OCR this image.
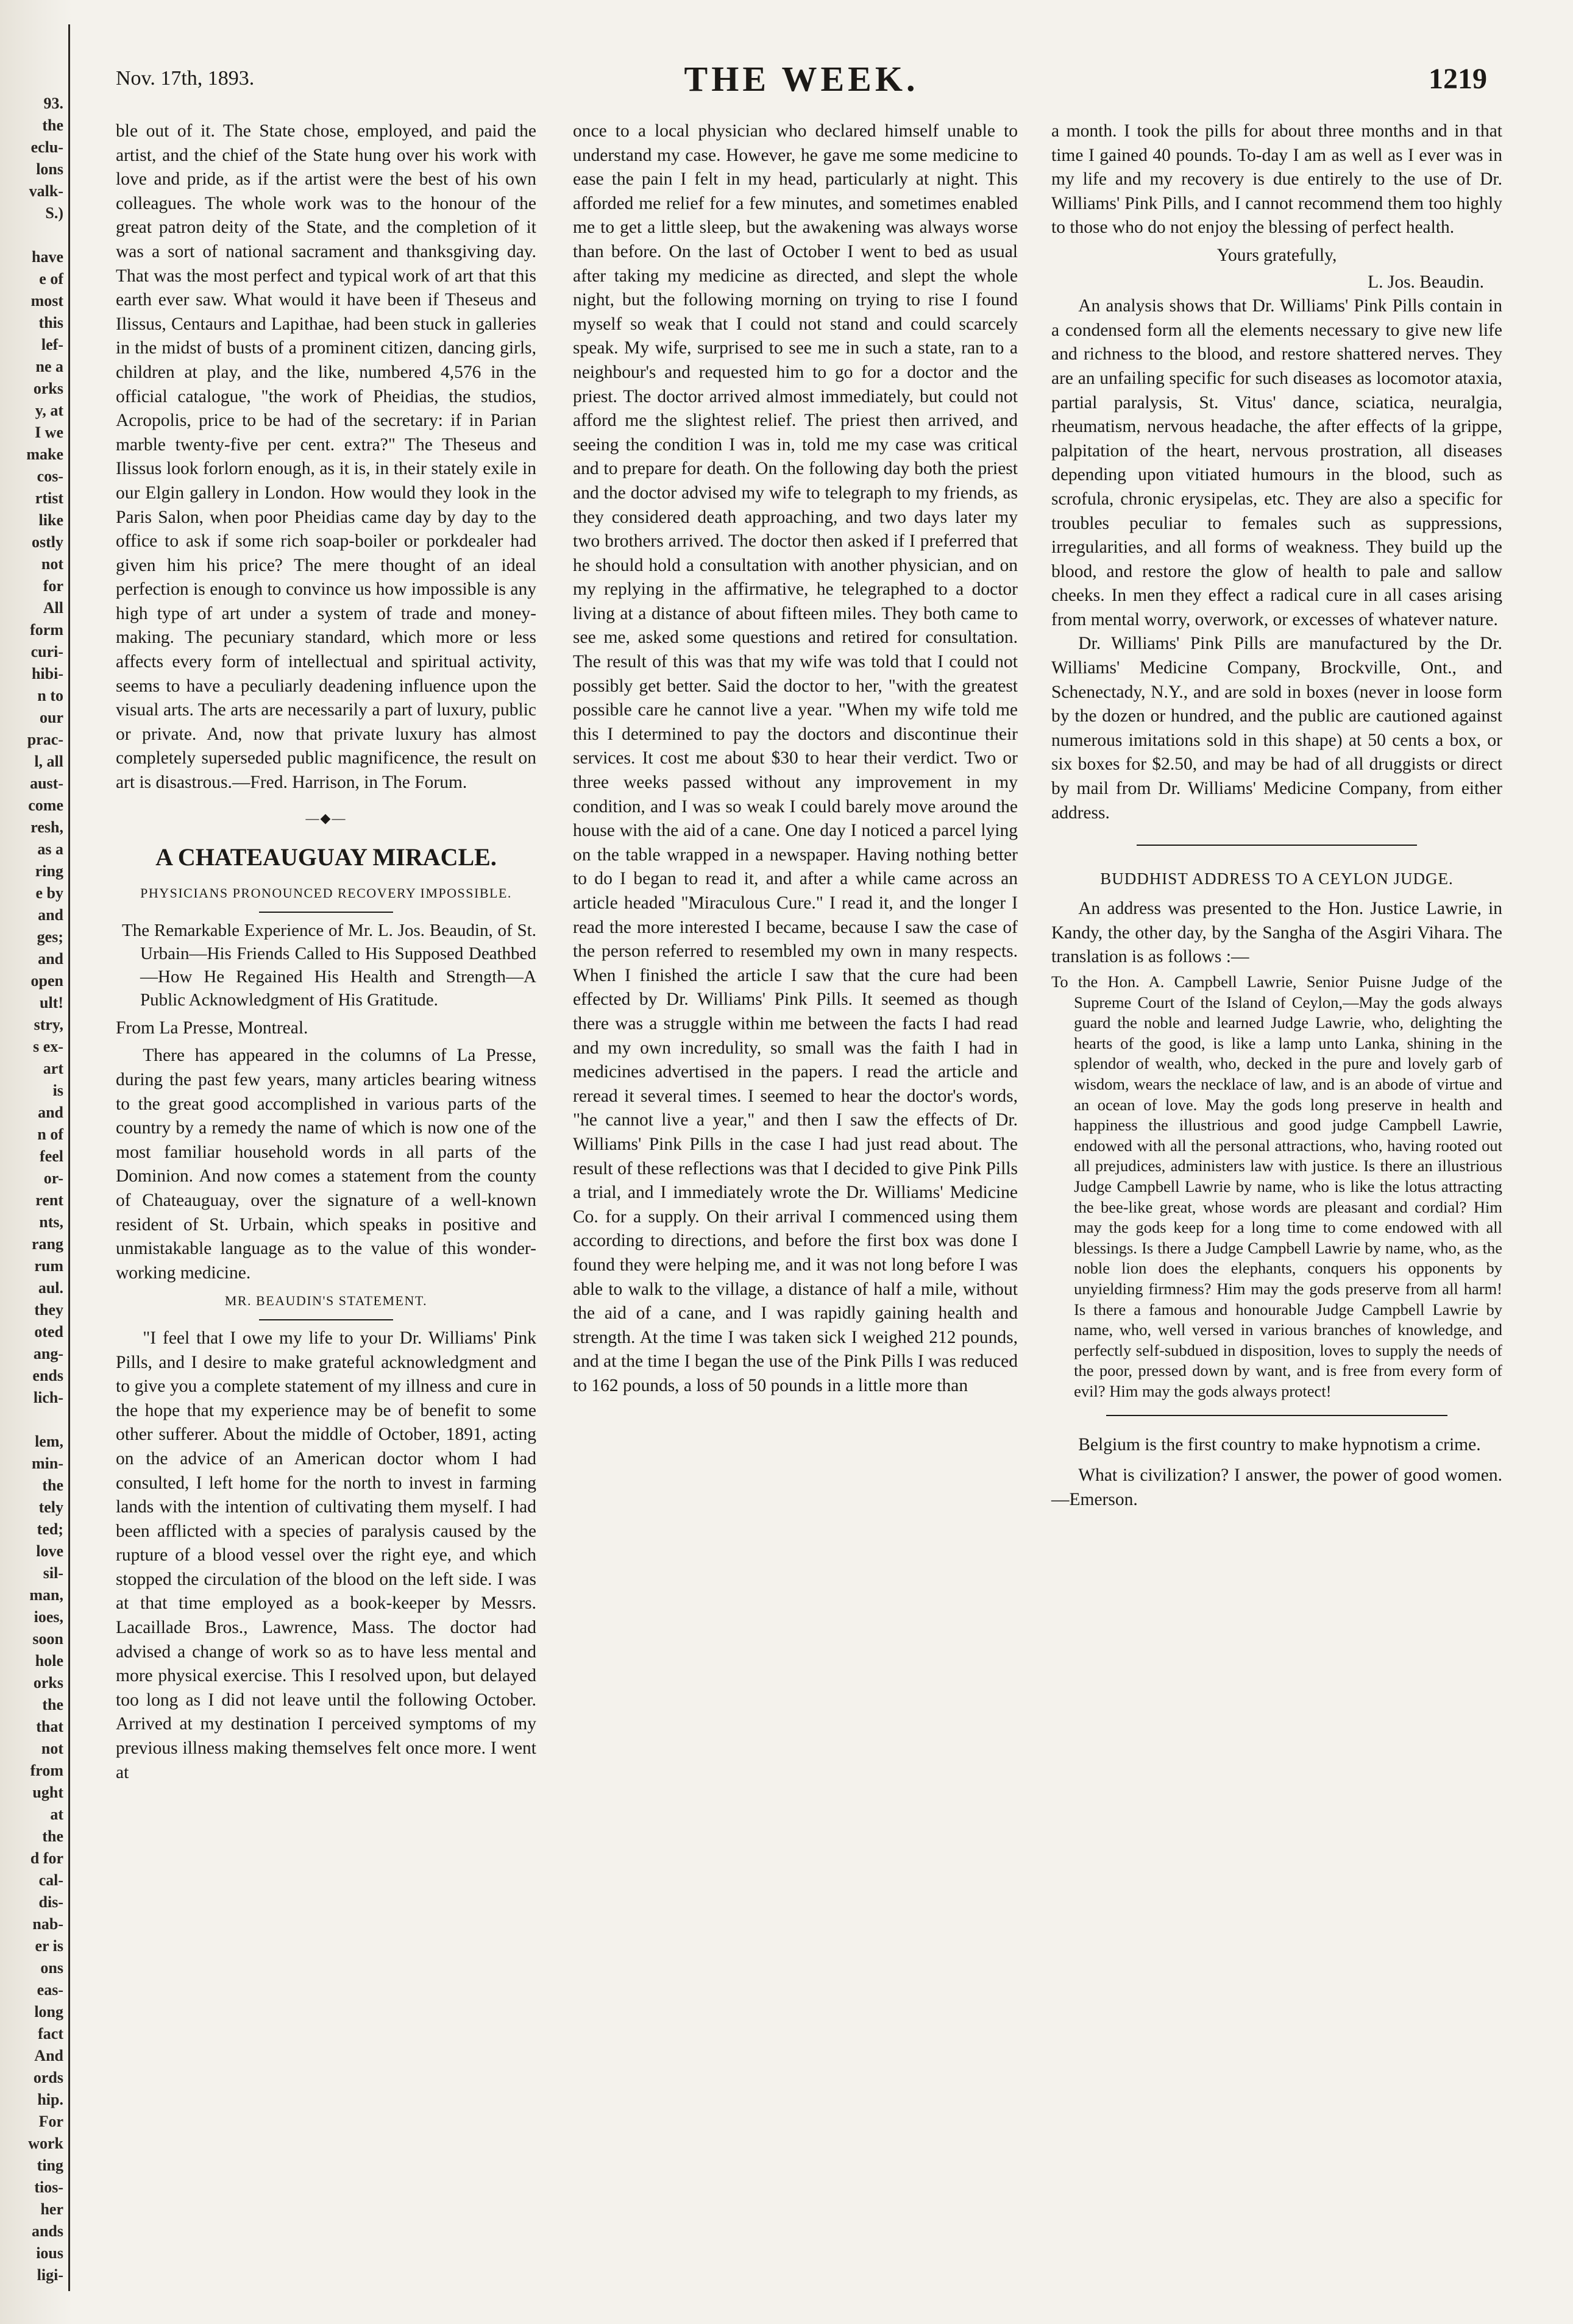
93.
the
eclu-
lons
valk-
S.)
have
e of
most
this
lef-
ne a
orks
y, at
I we
make
cos-
rtist
like
ostly
not
for
All
form
curi-
hibi-
n to
our
prac-
l, all
aust-
come
resh,
as a
ring
e by
and
ges;
and
open
ult!
stry,
s ex-
art
is
and
n of
feel
or-
rent
nts,
rang
rum
aul.
they
oted
ang-
ends
lich-
lem,
min-
the
tely
ted;
love
sil-
man,
ioes,
soon
hole
orks
the
that
not
from
ught
at
the
d for
cal-
dis-
nab-
er is
ons
eas-
long
fact
And
ords
hip.
For
work
ting
tios-
her
ands
ious
ligi-
Nov. 17th, 1893.	THE WEEK.	1219

ble out of it. The State chose, employed, and paid the artist, and the chief of the State hung over his work with love and pride, as if the artist were the best of his own colleagues. The whole work was to the honour of the great patron deity of the State, and the completion of it was a sort of national sacrament and thanksgiving day. That was the most perfect and typical work of art that this earth ever saw. What would it have been if Theseus and Ilissus, Centaurs and Lapithae, had been stuck in galleries in the midst of busts of a prominent citizen, dancing girls, children at play, and the like, numbered 4,576 in the official catalogue, "the work of Pheidias, the studios, Acropolis, price to be had of the secretary: if in Parian marble twenty-five per cent. extra?" The Theseus and Ilissus look forlorn enough, as it is, in their stately exile in our Elgin gallery in London. How would they look in the Paris Salon, when poor Pheidias came day by day to the office to ask if some rich soap-boiler or porkdealer had given him his price? The mere thought of an ideal perfection is enough to convince us how impossible is any high type of art under a system of trade and money-making. The pecuniary standard, which more or less affects every form of intellectual and spiritual activity, seems to have a peculiarly deadening influence upon the visual arts. The arts are necessarily a part of luxury, public or private. And, now that private luxury has almost completely superseded public magnificence, the result on art is disastrous.—Fred. Harrison, in The Forum.

—◆—
A CHATEAUGUAY MIRACLE.
PHYSICIANS PRONOUNCED RECOVERY IMPOSSIBLE.

The Remarkable Experience of Mr. L. Jos. Beaudin, of St. Urbain—His Friends Called to His Supposed Deathbed—How He Regained His Health and Strength—A Public Acknowledgment of His Gratitude.

From La Presse, Montreal.

There has appeared in the columns of La Presse, during the past few years, many articles bearing witness to the great good accomplished in various parts of the country by a remedy the name of which is now one of the most familiar household words in all parts of the Dominion. And now comes a statement from the county of Chateauguay, over the signature of a well-known resident of St. Urbain, which speaks in positive and unmistakable language as to the value of this wonder-working medicine.

MR. BEAUDIN'S STATEMENT.

"I feel that I owe my life to your Dr. Williams' Pink Pills, and I desire to make grateful acknowledgment and to give you a complete statement of my illness and cure in the hope that my experience may be of benefit to some other sufferer. About the middle of October, 1891, acting on the advice of an American doctor whom I had consulted, I left home for the north to invest in farming lands with the intention of cultivating them myself. I had been afflicted with a species of paralysis caused by the rupture of a blood vessel over the right eye, and which stopped the circulation of the blood on the left side. I was at that time employed as a book-keeper by Messrs. Lacaillade Bros., Lawrence, Mass. The doctor had advised a change of work so as to have less mental and more physical exercise. This I resolved upon, but delayed too long as I did not leave until the following October. Arrived at my destination I perceived symptoms of my previous illness making themselves felt once more. I went at

once to a local physician who declared himself unable to understand my case. However, he gave me some medicine to ease the pain I felt in my head, particularly at night. This afforded me relief for a few minutes, and sometimes enabled me to get a little sleep, but the awakening was always worse than before. On the last of October I went to bed as usual after taking my medicine as directed, and slept the whole night, but the following morning on trying to rise I found myself so weak that I could not stand and could scarcely speak. My wife, surprised to see me in such a state, ran to a neighbour's and requested him to go for a doctor and the priest. The doctor arrived almost immediately, but could not afford me the slightest relief. The priest then arrived, and seeing the condition I was in, told me my case was critical and to prepare for death. On the following day both the priest and the doctor advised my wife to telegraph to my friends, as they considered death approaching, and two days later my two brothers arrived. The doctor then asked if I preferred that he should hold a consultation with another physician, and on my replying in the affirmative, he telegraphed to a doctor living at a distance of about fifteen miles. They both came to see me, asked some questions and retired for consultation. The result of this was that my wife was told that I could not possibly get better. Said the doctor to her, "with the greatest possible care he cannot live a year. "When my wife told me this I determined to pay the doctors and discontinue their services. It cost me about $30 to hear their verdict. Two or three weeks passed without any improvement in my condition, and I was so weak I could barely move around the house with the aid of a cane. One day I noticed a parcel lying on the table wrapped in a newspaper. Having nothing better to do I began to read it, and after a while came across an article headed "Miraculous Cure." I read it, and the longer I read the more interested I became, because I saw the case of the person referred to resembled my own in many respects. When I finished the article I saw that the cure had been effected by Dr. Williams' Pink Pills. It seemed as though there was a struggle within me between the facts I had read and my own incredulity, so small was the faith I had in medicines advertised in the papers. I read the article and reread it several times. I seemed to hear the doctor's words, "he cannot live a year," and then I saw the effects of Dr. Williams' Pink Pills in the case I had just read about. The result of these reflections was that I decided to give Pink Pills a trial, and I immediately wrote the Dr. Williams' Medicine Co. for a supply. On their arrival I commenced using them according to directions, and before the first box was done I found they were helping me, and it was not long before I was able to walk to the village, a distance of half a mile, without the aid of a cane, and I was rapidly gaining health and strength. At the time I was taken sick I weighed 212 pounds, and at the time I began the use of the Pink Pills I was reduced to 162 pounds, a loss of 50 pounds in a little more than

a month. I took the pills for about three months and in that time I gained 40 pounds. To-day I am as well as I ever was in my life and my recovery is due entirely to the use of Dr. Williams' Pink Pills, and I cannot recommend them too highly to those who do not enjoy the blessing of perfect health.

Yours gratefully,

L. Jos. Beaudin.

An analysis shows that Dr. Williams' Pink Pills contain in a condensed form all the elements necessary to give new life and richness to the blood, and restore shattered nerves. They are an unfailing specific for such diseases as locomotor ataxia, partial paralysis, St. Vitus' dance, sciatica, neuralgia, rheumatism, nervous headache, the after effects of la grippe, palpitation of the heart, nervous prostration, all diseases depending upon vitiated humours in the blood, such as scrofula, chronic erysipelas, etc. They are also a specific for troubles peculiar to females such as suppressions, irregularities, and all forms of weakness. They build up the blood, and restore the glow of health to pale and sallow cheeks. In men they effect a radical cure in all cases arising from mental worry, overwork, or excesses of whatever nature.

Dr. Williams' Pink Pills are manufactured by the Dr. Williams' Medicine Company, Brockville, Ont., and Schenectady, N.Y., and are sold in boxes (never in loose form by the dozen or hundred, and the public are cautioned against numerous imitations sold in this shape) at 50 cents a box, or six boxes for $2.50, and may be had of all druggists or direct by mail from Dr. Williams' Medicine Company, from either address.

BUDDHIST ADDRESS TO A CEYLON JUDGE.

An address was presented to the Hon. Justice Lawrie, in Kandy, the other day, by the Sangha of the Asgiri Vihara. The translation is as follows :—

To the Hon. A. Campbell Lawrie, Senior Puisne Judge of the Supreme Court of the Island of Ceylon,—May the gods always guard the noble and learned Judge Lawrie, who, delighting the hearts of the good, is like a lamp unto Lanka, shining in the splendor of wealth, who, decked in the pure and lovely garb of wisdom, wears the necklace of law, and is an abode of virtue and an ocean of love. May the gods long preserve in health and happiness the illustrious and good judge Campbell Lawrie, endowed with all the personal attractions, who, having rooted out all prejudices, administers law with justice. Is there an illustrious Judge Campbell Lawrie by name, who is like the lotus attracting the bee-like great, whose words are pleasant and cordial? Him may the gods keep for a long time to come endowed with all blessings. Is there a Judge Campbell Lawrie by name, who, as the noble lion does the elephants, conquers his opponents by unyielding firmness? Him may the gods preserve from all harm! Is there a famous and honourable Judge Campbell Lawrie by name, who, well versed in various branches of knowledge, and perfectly self-subdued in disposition, loves to supply the needs of the poor, pressed down by want, and is free from every form of evil? Him may the gods always protect!

Belgium is the first country to make hypnotism a crime.

What is civilization? I answer, the power of good women.—Emerson.
